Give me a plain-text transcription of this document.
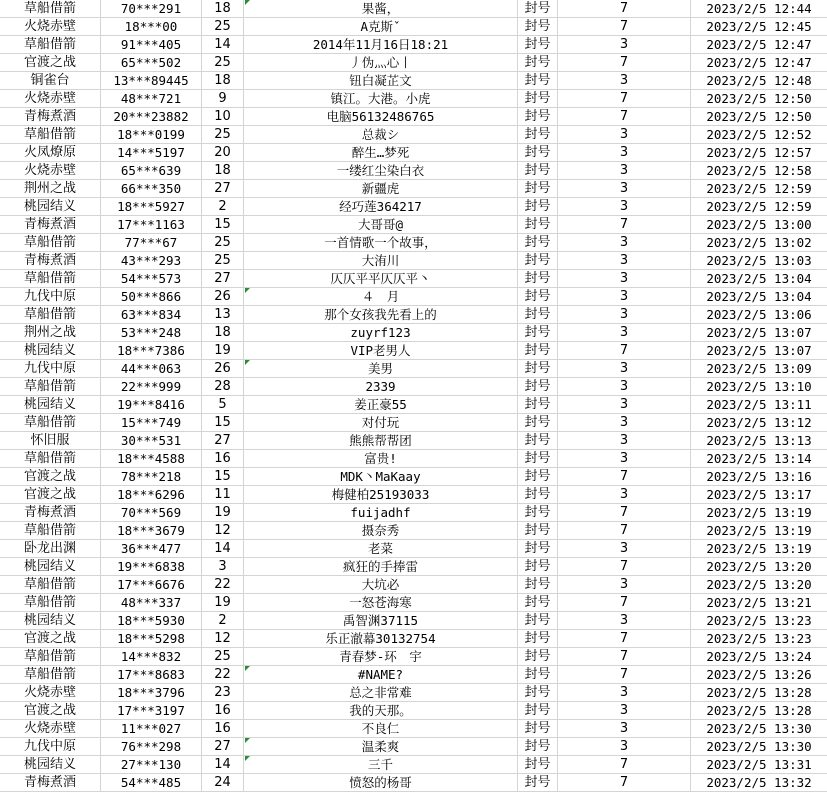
草船借箭	70***291	18	果酱，	封号	7	2023/2/5 12:44
火烧赤壁	18***00	25	A克斯ˇ	封号	7	2023/2/5 12:45
草船借箭	91***405	14	2014年11月16日18:21	封号	3	2023/2/5 12:47
官渡之战	65***502	25	丿伪灬心丨	封号	7	2023/2/5 12:47
铜雀台	13***89445	18	钮白凝芷文	封号	3	2023/2/5 12:48
火烧赤壁	48***721	9	镇江。大港。小虎	封号	7	2023/2/5 12:50
青梅煮酒	20***23882	10	电脑56132486765	封号	7	2023/2/5 12:50
草船借箭	18***0199	25	总裁シ	封号	3	2023/2/5 12:52
火凤燎原	14***5197	20	醉生…梦死	封号	3	2023/2/5 12:57
火烧赤壁	65***639	18	一缕红尘染白衣	封号	3	2023/2/5 12:58
荆州之战	66***350	27	新疆虎	封号	3	2023/2/5 12:59
桃园结义	18***5927	2	经巧莲364217	封号	3	2023/2/5 12:59
青梅煮酒	17***1163	15	大哥哥@	封号	7	2023/2/5 13:00
草船借箭	77***67	25	一首情歌一个故事，	封号	3	2023/2/5 13:02
青梅煮酒	43***293	25	大洧川	封号	3	2023/2/5 13:03
草船借箭	54***573	27	仄仄平平仄仄平丶	封号	3	2023/2/5 13:04
九伐中原	50***866	26	４　月	封号	3	2023/2/5 13:04
草船借箭	63***834	13	那个女孩我先看上的	封号	3	2023/2/5 13:06
荆州之战	53***248	18	zuyrf123	封号	3	2023/2/5 13:07
桃园结义	18***7386	19	VIP老男人	封号	7	2023/2/5 13:07
九伐中原	44***063	26	美男	封号	3	2023/2/5 13:09
草船借箭	22***999	28	2339	封号	3	2023/2/5 13:10
桃园结义	19***8416	5	姜正豪55	封号	3	2023/2/5 13:11
草船借箭	15***749	15	对付玩	封号	3	2023/2/5 13:12
怀旧服	30***531	27	熊熊帮帮团	封号	3	2023/2/5 13:13
草船借箭	18***4588	16	富贵!	封号	3	2023/2/5 13:14
官渡之战	78***218	15	MDK丶MaKaay	封号	7	2023/2/5 13:16
官渡之战	18***6296	11	梅健柏25193033	封号	3	2023/2/5 13:17
青梅煮酒	70***569	19	fuijadhf	封号	7	2023/2/5 13:19
草船借箭	18***3679	12	摄奈秀	封号	7	2023/2/5 13:19
卧龙出渊	36***477	14	老菜	封号	3	2023/2/5 13:19
桃园结义	19***6838	3	疯狂的手捧雷	封号	7	2023/2/5 13:20
草船借箭	17***6676	22	大坑必	封号	3	2023/2/5 13:20
草船借箭	48***337	19	一怒苍海寒	封号	7	2023/2/5 13:21
桃园结义	18***5930	2	禹智渊37115	封号	3	2023/2/5 13:23
官渡之战	18***5298	12	乐正澈幕30132754	封号	7	2023/2/5 13:23
草船借箭	14***832	25	青春梦-环　宇	封号	7	2023/2/5 13:24
草船借箭	17***8683	22	#NAME?	封号	7	2023/2/5 13:26
火烧赤壁	18***3796	23	总之非常难	封号	3	2023/2/5 13:28
官渡之战	17***3197	16	我的天那。	封号	3	2023/2/5 13:28
火烧赤壁	11***027	16	不良仁	封号	3	2023/2/5 13:30
九伐中原	76***298	27	温柔爽	封号	3	2023/2/5 13:30
桃园结义	27***130	14	三千	封号	7	2023/2/5 13:31
青梅煮酒	54***485	24	愤怒的杨哥	封号	7	2023/2/5 13:32
